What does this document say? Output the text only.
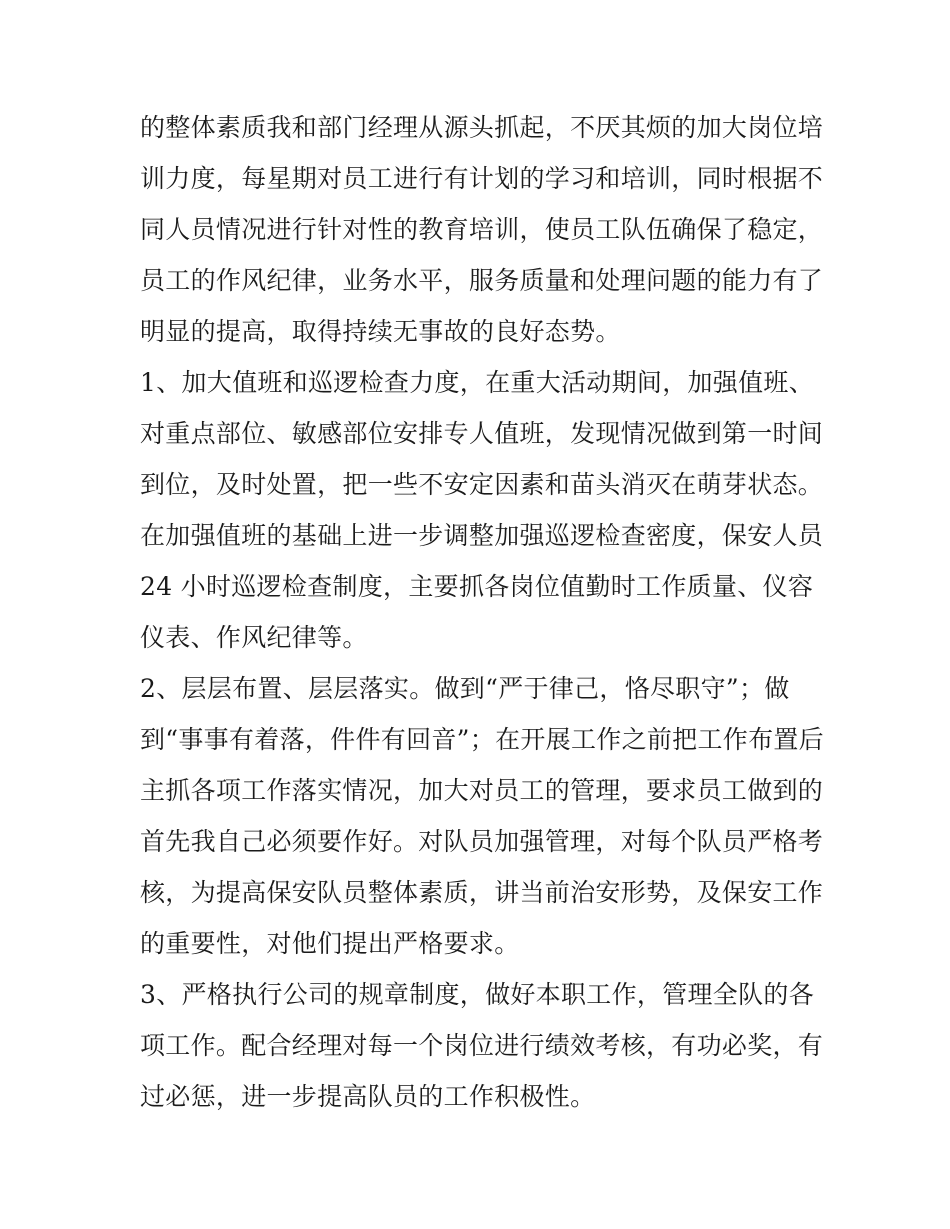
的整体素质我和部门经理从源头抓起，不厌其烦的加大岗位培
训力度，每星期对员工进行有计划的学习和培训，同时根据不
同人员情况进行针对性的教育培训，使员工队伍确保了稳定，
员工的作风纪律，业务水平，服务质量和处理问题的能力有了
明显的提高，取得持续无事故的良好态势。
1、加大值班和巡逻检查力度，在重大活动期间，加强值班、
对重点部位、敏感部位安排专人值班，发现情况做到第一时间
到位，及时处置，把一些不安定因素和苗头消灭在萌芽状态。
在加强值班的基础上进一步调整加强巡逻检查密度，保安人员
24 小时巡逻检查制度，主要抓各岗位值勤时工作质量、仪容
仪表、作风纪律等。
2、层层布置、层层落实。做到“严于律己，恪尽职守”；做
到“事事有着落，件件有回音”；在开展工作之前把工作布置后
主抓各项工作落实情况，加大对员工的管理，要求员工做到的
首先我自己必须要作好。对队员加强管理，对每个队员严格考
核，为提高保安队员整体素质，讲当前治安形势，及保安工作
的重要性，对他们提出严格要求。
3、严格执行公司的规章制度，做好本职工作，管理全队的各
项工作。配合经理对每一个岗位进行绩效考核，有功必奖，有
过必惩，进一步提高队员的工作积极性。
